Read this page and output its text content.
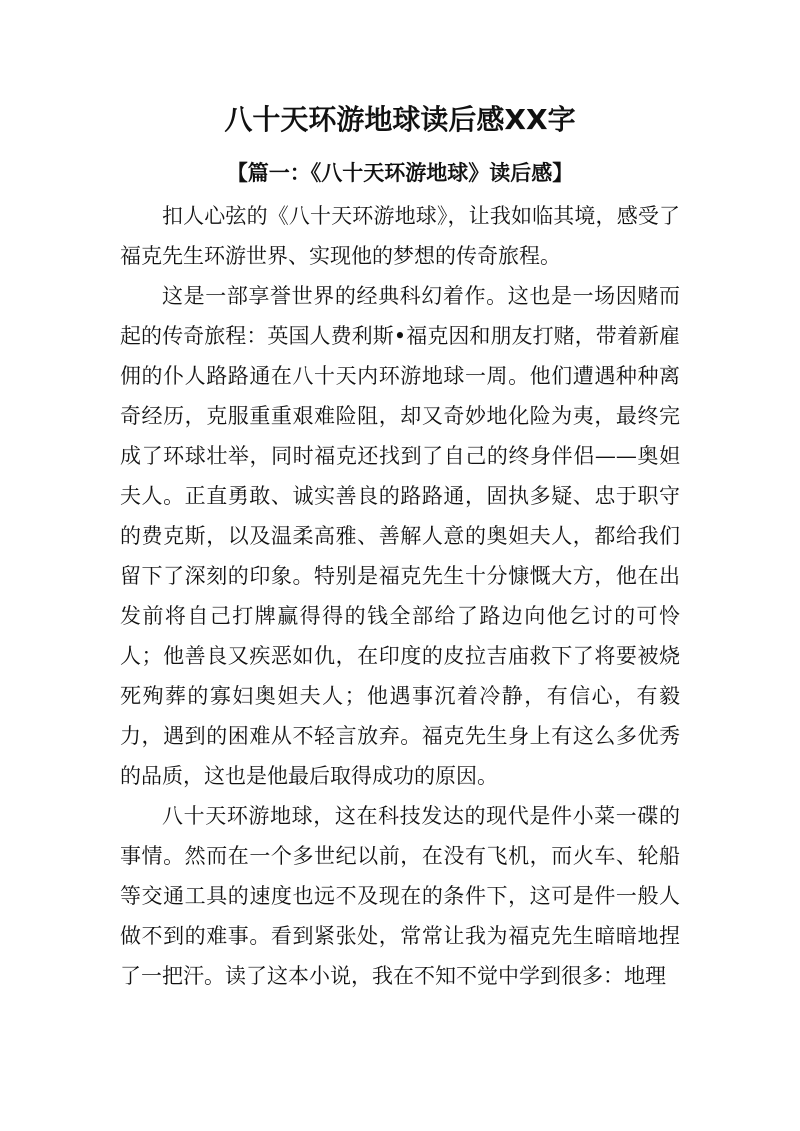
八十天环游地球读后感XX字
【篇一：《八十天环游地球》读后感】

扣人心弦的《八十天环游地球》，让我如临其境，感受了福克先生环游世界、实现他的梦想的传奇旅程。

这是一部享誉世界的经典科幻着作。这也是一场因赌而起的传奇旅程：英国人费利斯•福克因和朋友打赌，带着新雇佣的仆人路路通在八十天内环游地球一周。他们遭遇种种离奇经历，克服重重艰难险阻，却又奇妙地化险为夷，最终完成了环球壮举，同时福克还找到了自己的终身伴侣——奥妲夫人。正直勇敢、诚实善良的路路通，固执多疑、忠于职守的费克斯，以及温柔高雅、善解人意的奥妲夫人，都给我们留下了深刻的印象。特别是福克先生十分慷慨大方，他在出发前将自己打牌赢得得的钱全部给了路边向他乞讨的可怜人；他善良又疾恶如仇，在印度的皮拉吉庙救下了将要被烧死殉葬的寡妇奥妲夫人；他遇事沉着冷静，有信心，有毅力，遇到的困难从不轻言放弃。福克先生身上有这么多优秀的品质，这也是他最后取得成功的原因。

八十天环游地球，这在科技发达的现代是件小菜一碟的事情。然而在一个多世纪以前，在没有飞机，而火车、轮船等交通工具的速度也远不及现在的条件下，这可是件一般人做不到的难事。看到紧张处，常常让我为福克先生暗暗地捏了一把汗。读了这本小说，我在不知不觉中学到很多：地理
